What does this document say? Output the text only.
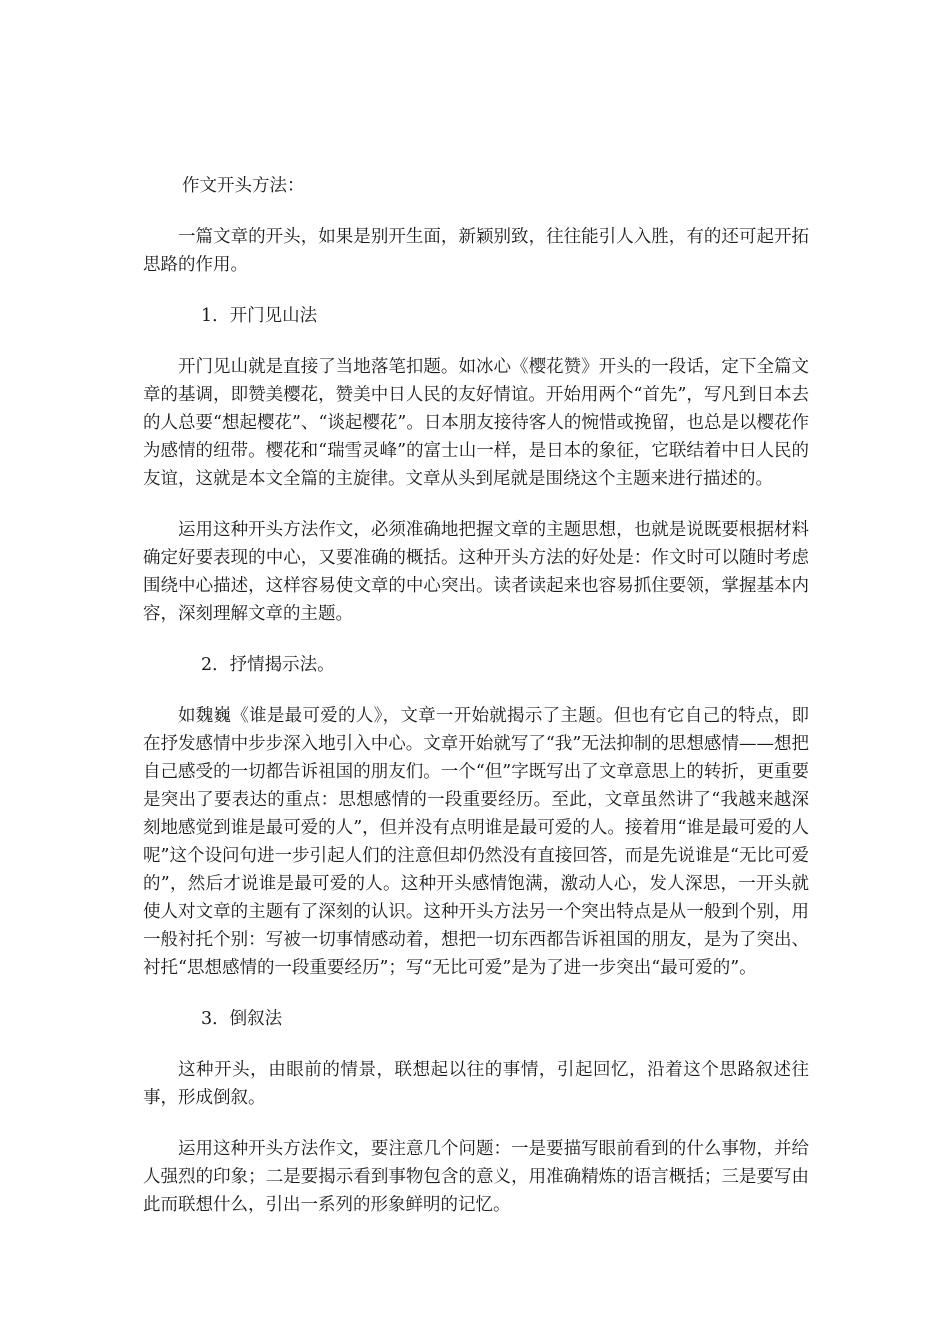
作文开头方法：

一篇文章的开头，如果是别开生面，新颖别致，往往能引人入胜，有的还可起开拓思路的作用。

1．开门见山法

开门见山就是直接了当地落笔扣题。如冰心《樱花赞》开头的一段话，定下全篇文章的基调，即赞美樱花，赞美中日人民的友好情谊。开始用两个“首先”，写凡到日本去的人总要“想起樱花”、“谈起樱花”。日本朋友接待客人的惋惜或挽留，也总是以樱花作为感情的纽带。樱花和“瑞雪灵峰”的富士山一样，是日本的象征，它联结着中日人民的友谊，这就是本文全篇的主旋律。文章从头到尾就是围绕这个主题来进行描述的。

运用这种开头方法作文，必须准确地把握文章的主题思想，也就是说既要根据材料确定好要表现的中心，又要准确的概括。这种开头方法的好处是：作文时可以随时考虑围绕中心描述，这样容易使文章的中心突出。读者读起来也容易抓住要领，掌握基本内容，深刻理解文章的主题。

2．抒情揭示法。

如魏巍《谁是最可爱的人》，文章一开始就揭示了主题。但也有它自己的特点，即在抒发感情中步步深入地引入中心。文章开始就写了“我”无法抑制的思想感情——想把自己感受的一切都告诉祖国的朋友们。一个“但”字既写出了文章意思上的转折，更重要是突出了要表达的重点：思想感情的一段重要经历。至此，文章虽然讲了“我越来越深刻地感觉到谁是最可爱的人”，但并没有点明谁是最可爱的人。接着用“谁是最可爱的人呢”这个设问句进一步引起人们的注意但却仍然没有直接回答，而是先说谁是“无比可爱的”，然后才说谁是最可爱的人。这种开头感情饱满，激动人心，发人深思，一开头就使人对文章的主题有了深刻的认识。这种开头方法另一个突出特点是从一般到个别，用一般衬托个别：写被一切事情感动着，想把一切东西都告诉祖国的朋友，是为了突出、衬托“思想感情的一段重要经历”；写“无比可爱”是为了进一步突出“最可爱的”。

3．倒叙法

这种开头，由眼前的情景，联想起以往的事情，引起回忆，沿着这个思路叙述往事，形成倒叙。

运用这种开头方法作文，要注意几个问题：一是要描写眼前看到的什么事物，并给人强烈的印象；二是要揭示看到事物包含的意义，用准确精炼的语言概括；三是要写由此而联想什么，引出一系列的形象鲜明的记忆。
